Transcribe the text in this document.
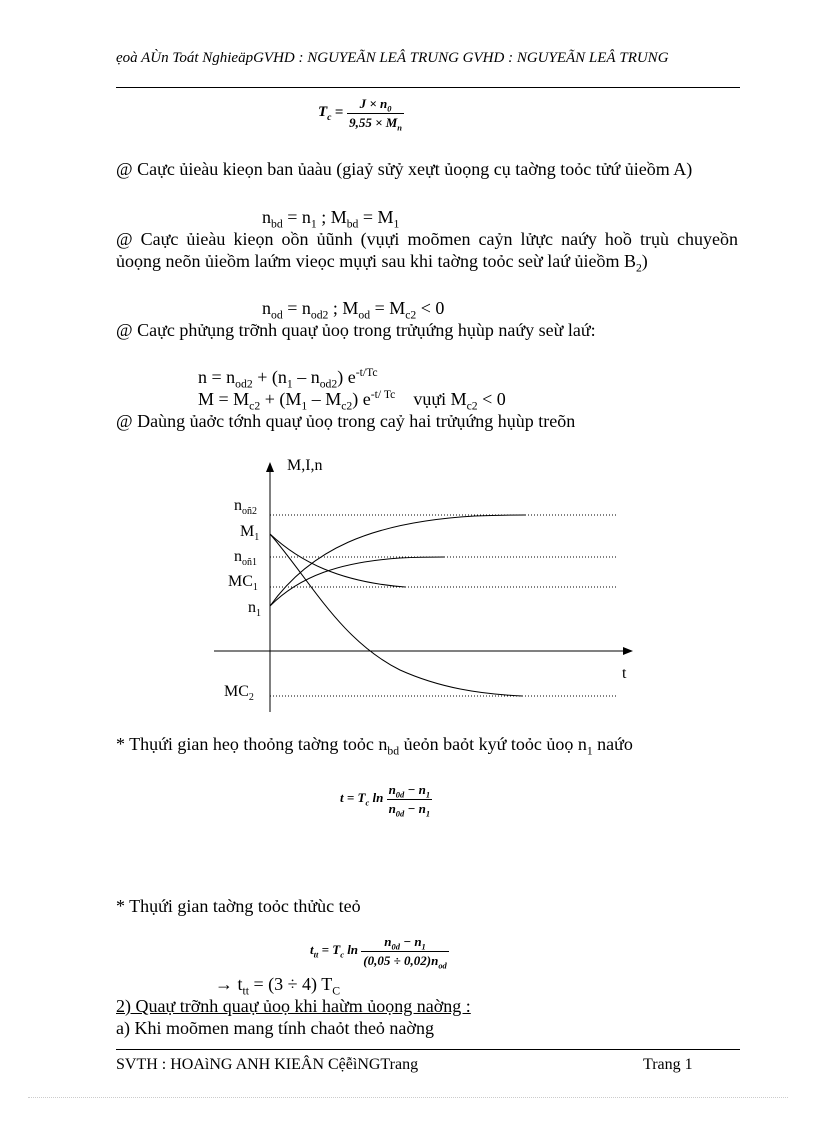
ẹoà AÙn Toát NghieäpGVHD : NGUYEÃN LEÂ TRUNG GVHD : NGUYEÃN LEÂ TRUNG
$T_c = \frac{J \times n_0}{9,55 \times M_n}$
@ Caực ủieàu kieọn ban ủaàu (giaỷ sửỷ xeựt ủoọng cụ taờng toỏc tửứ ủieồm A)
$n_{bd} = n_1$ ; $M_{bd} = M_1$
@ Caực ủieàu kieọn oồn ủũnh (vụựi moõmen caỷn lửực naứy hoồ trụù chuyeồn ủoọng neõn ủieồm laứm vieọc mụựi sau khi taờng toỏc seừ laứ ủieồm $B_2$)
$n_{od} = n_{od2}$ ; $M_{od} = M_{c2} < 0$
@ Caực phửụng trỡnh quaự ủoọ trong trửụứng hụùp naứy seừ laứ:
$n = n_{od2} + (n_1 - n_{od2})$ $e^{-t/Tc}$
$M = M_{c2} + (M_1 - M_{c2})$ $e^{-t/ Tc}$    vụựi $M_{c2} < 0$
@ Daùng ủaởc tớnh quaự ủoọ trong caỷ hai trửụứng hụùp treõn
M,I,n
t
$n_{oñ2}$
$M_1$
$n_{oñ1}$
$MC_1$
$n_1$
$MC_2$
* Thụứi gian heọ thoỏng taờng toỏc $n_{bd}$ ủeỏn baỏt kyứ toỏc ủoọ $n_1$ naứo
$t = T_c$ $\ln \frac{n_{0d} - n_1}{n_{0d} - n_1}$
* Thụứi gian taờng toỏc thửùc teỏ
$t_{tt} = T_c$ $\ln \frac{n_{0d} - n_1}{(0,05 \div 0,02)n_{od}}$
→ $t_{tt} = (3 \div 4)$ $T_C$
2) Quaự trỡnh quaự ủoọ khi haừm ủoọng naờng :
a) Khi moõmen mang tính chaỏt theỏ naờng
SVTH : HOAìNG ANH KIEÂN CệễìNGTrang	Trang 1
